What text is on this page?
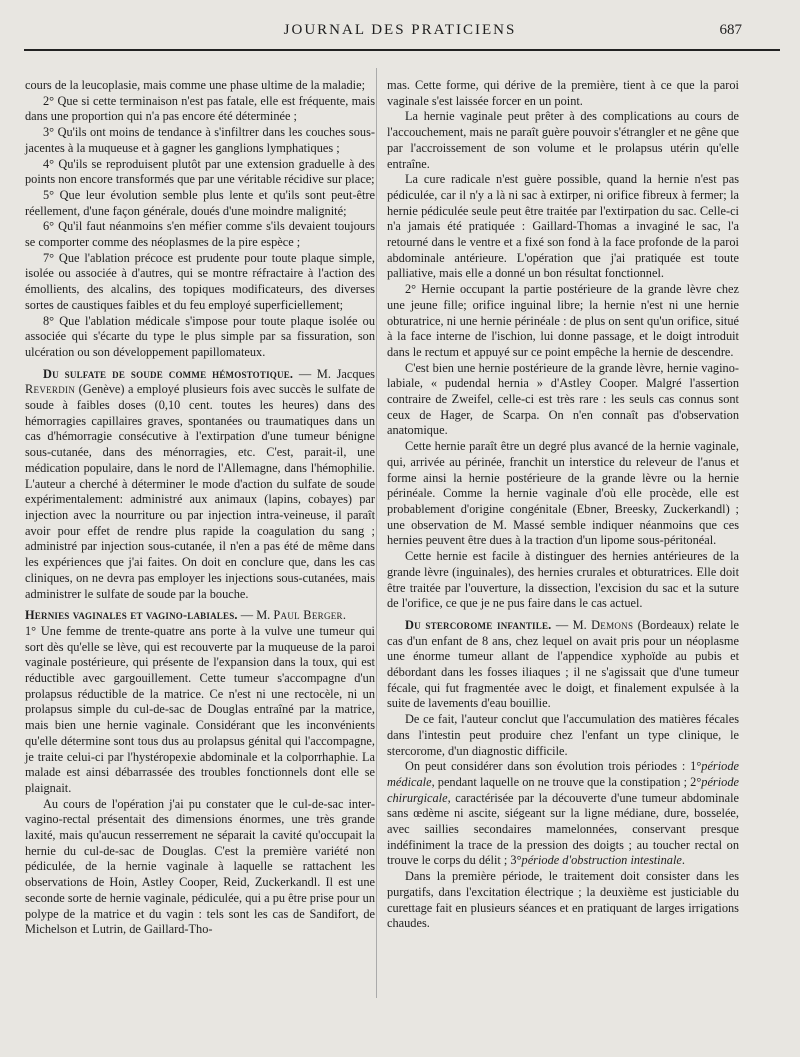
JOURNAL DES PRATICIENS	687

cours de la leucoplasie, mais comme une phase ultime de la maladie;

2° Que si cette terminaison n'est pas fatale, elle est fréquente, mais dans une proportion qui n'a pas encore été déterminée ;

3° Qu'ils ont moins de tendance à s'infiltrer dans les couches sous-jacentes à la muqueuse et à gagner les ganglions lymphatiques ;

4° Qu'ils se reproduisent plutôt par une extension graduelle à des points non encore transformés que par une véritable récidive sur place;

5° Que leur évolution semble plus lente et qu'ils sont peut-être réellement, d'une façon générale, doués d'une moindre malignité;

6° Qu'il faut néanmoins s'en méfier comme s'ils devaient toujours se comporter comme des néoplasmes de la pire espèce ;

7° Que l'ablation précoce est prudente pour toute plaque simple, isolée ou associée à d'autres, qui se montre réfractaire à l'action des émollients, des alcalins, des topiques modificateurs, des diverses sortes de caustiques faibles et du feu employé superficiellement;

8° Que l'ablation médicale s'impose pour toute plaque isolée ou associée qui s'écarte du type le plus simple par sa fissuration, son ulcération ou son développement papillomateux.

Du sulfate de soude comme hémostotique. — M. Jacques Reverdin (Genève) a employé plusieurs fois avec succès le sulfate de soude à faibles doses (0,10 cent. toutes les heures) dans des hémorragies capillaires graves, spontanées ou traumatiques dans un cas d'hémorragie consécutive à l'extirpation d'une tumeur bénigne sous-cutanée, dans des ménorragies, etc. C'est, parait-il, une médication populaire, dans le nord de l'Allemagne, dans l'hémophilie. L'auteur a cherché à déterminer le mode d'action du sulfate de soude expérimentalement: administré aux animaux (lapins, cobayes) par injection avec la nourriture ou par injection intra-veineuse, il paraît avoir pour effet de rendre plus rapide la coagulation du sang ; administré par injection sous-cutanée, il n'en a pas été de même dans les expériences que j'ai faites. On doit en conclure que, dans les cas cliniques, on ne devra pas employer les injections sous-cutanées, mais administrer le sulfate de soude par la bouche.

Hernies vaginales et vagino-labiales. — M. Paul Berger.

1° Une femme de trente-quatre ans porte à la vulve une tumeur qui sort dès qu'elle se lève, qui est recouverte par la muqueuse de la paroi vaginale postérieure, qui présente de l'expansion dans la toux, qui est réductible avec gargouillement. Cette tumeur s'accompagne d'un prolapsus réductible de la matrice. Ce n'est ni une rectocèle, ni un prolapsus simple du cul-de-sac de Douglas entraîné par la matrice, mais bien une hernie vaginale. Considérant que les inconvénients qu'elle détermine sont tous dus au prolapsus génital qui l'accompagne, je traite celui-ci par l'hystéropexie abdominale et la colporrhaphie. La malade est ainsi débarrassée des troubles fonctionnels dont elle se plaignait.

Au cours de l'opération j'ai pu constater que le cul-de-sac inter-vagino-rectal présentait des dimensions énormes, une très grande laxité, mais qu'aucun resserrement ne séparait la cavité qu'occupait la hernie du cul-de-sac de Douglas. C'est la première variété non pédiculée, de la hernie vaginale à laquelle se rattachent les observations de Hoin, Astley Cooper, Reid, Zuckerkandl. Il est une seconde sorte de hernie vaginale, pédiculée, qui a pu être prise pour un polype de la matrice et du vagin : tels sont les cas de Sandifort, de Michelson et Lutrin, de Gaillard-Tho-

mas. Cette forme, qui dérive de la première, tient à ce que la paroi vaginale s'est laissée forcer en un point.

La hernie vaginale peut prêter à des complications au cours de l'accouchement, mais ne paraît guère pouvoir s'étrangler et ne gêne que par l'accroissement de son volume et le prolapsus utérin qu'elle entraîne.

La cure radicale n'est guère possible, quand la hernie n'est pas pédiculée, car il n'y a là ni sac à extirper, ni orifice fibreux à fermer; la hernie pédiculée seule peut être traitée par l'extirpation du sac. Celle-ci n'a jamais été pratiquée : Gaillard-Thomas a invaginé le sac, l'a retourné dans le ventre et a fixé son fond à la face profonde de la paroi abdominale antérieure. L'opération que j'ai pratiquée est toute palliative, mais elle a donné un bon résultat fonctionnel.

2° Hernie occupant la partie postérieure de la grande lèvre chez une jeune fille; orifice inguinal libre; la hernie n'est ni une hernie obturatrice, ni une hernie périnéale : de plus on sent qu'un orifice, situé à la face interne de l'ischion, lui donne passage, et le doigt introduit dans le rectum et appuyé sur ce point empêche la hernie de descendre.

C'est bien une hernie postérieure de la grande lèvre, hernie vagino-labiale, « pudendal hernia » d'Astley Cooper. Malgré l'assertion contraire de Zweifel, celle-ci est très rare : les seuls cas connus sont ceux de Hager, de Scarpa. On n'en connaît pas d'observation anatomique.

Cette hernie paraît être un degré plus avancé de la hernie vaginale, qui, arrivée au périnée, franchit un interstice du releveur de l'anus et forme ainsi la hernie postérieure de la grande lèvre ou la hernie périnéale. Comme la hernie vaginale d'où elle procède, elle est probablement d'origine congénitale (Ebner, Breesky, Zuckerkandl) ; une observation de M. Massé semble indiquer néanmoins que ces hernies peuvent être dues à la traction d'un lipome sous-péritonéal.

Cette hernie est facile à distinguer des hernies antérieures de la grande lèvre (inguinales), des hernies crurales et obturatrices. Elle doit être traitée par l'ouverture, la dissection, l'excision du sac et la suture de l'orifice, ce que je ne pus faire dans le cas actuel.

Du stercorome infantile. — M. Demons (Bordeaux) relate le cas d'un enfant de 8 ans, chez lequel on avait pris pour un néoplasme une énorme tumeur allant de l'appendice xyphoïde au pubis et débordant dans les fosses iliaques ; il ne s'agissait que d'une tumeur fécale, qui fut fragmentée avec le doigt, et finalement expulsée à la suite de lavements d'eau bouillie.

De ce fait, l'auteur conclut que l'accumulation des matières fécales dans l'intestin peut produire chez l'enfant un type clinique, le stercorome, d'un diagnostic difficile.

On peut considérer dans son évolution trois périodes : 1°période médicale, pendant laquelle on ne trouve que la constipation ; 2°période chirurgicale, caractérisée par la découverte d'une tumeur abdominale sans œdème ni ascite, siégeant sur la ligne médiane, dure, bosselée, avec saillies secondaires mamelonnées, conservant presque indéfiniment la trace de la pression des doigts ; au toucher rectal on trouve le corps du délit ; 3°période d'obstruction intestinale.

Dans la première période, le traitement doit consister dans les purgatifs, dans l'excitation électrique ; la deuxième est justiciable du curettage fait en plusieurs séances et en pratiquant de larges irrigations chaudes.
